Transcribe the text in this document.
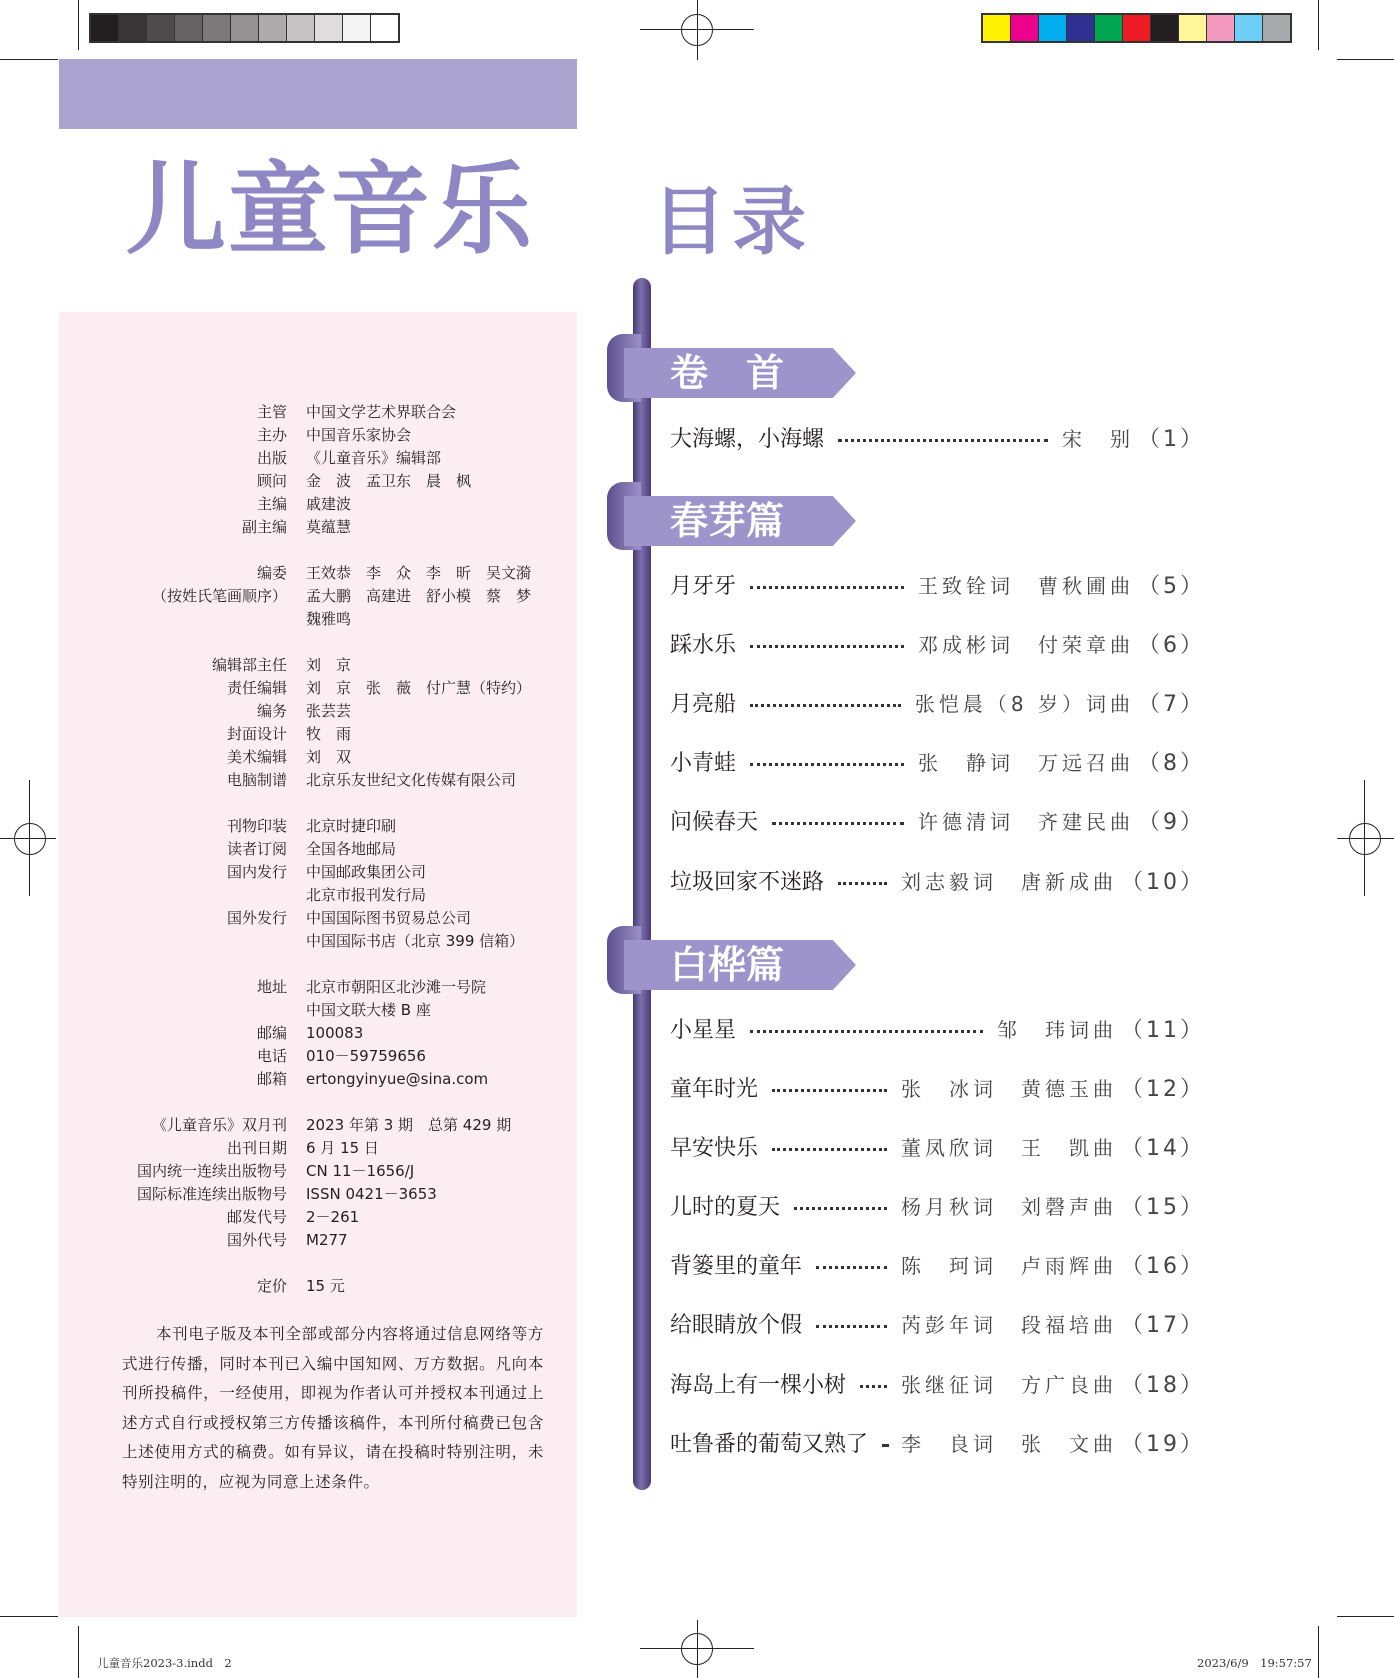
儿童音乐 目录
主管 中国文学艺术界联合会
主办 中国音乐家协会
出版 《儿童音乐》编辑部
顾问 金　波　孟卫东　晨　枫
主编 戚建波
副主编 莫蕴慧
编委 王效恭　李　众　李　昕　吴文漪
（按姓氏笔画顺序） 孟大鹏　高建进　舒小模　蔡　梦
魏雅鸣
编辑部主任 刘　京
责任编辑 刘　京　张　薇　付广慧（特约）
编务 张芸芸
封面设计 牧　雨
美术编辑 刘　双
电脑制谱 北京乐友世纪文化传媒有限公司
刊物印装 北京时捷印刷
读者订阅 全国各地邮局
国内发行 中国邮政集团公司
北京市报刊发行局
国外发行 中国国际图书贸易总公司
中国国际书店（北京 399 信箱）
地址 北京市朝阳区北沙滩一号院
中国文联大楼 B 座
邮编 100083
电话 010－59759656
邮箱 ertongyinyue@sina.com
《儿童音乐》双月刊 2023 年第 3 期　总第 429 期
出刊日期 6 月 15 日
国内统一连续出版物号 CN 11－1656/J
国际标准连续出版物号 ISSN 0421－3653
邮发代号 2－261
国外代号 M277
定价 15 元
本刊电子版及本刊全部或部分内容将通过信息网络等方式进行传播，同时本刊已入编中国知网、万方数据。凡向本刊所投稿件，一经使用，即视为作者认可并授权本刊通过上述方式自行或授权第三方传播该稿件，本刊所付稿费已包含上述使用方式的稿费。如有异议，请在投稿时特别注明，未特别注明的，应视为同意上述条件。
卷　首
大海螺，小海螺	宋　别 （1）
春芽篇
月牙牙	王致铨词　曹秋圃曲 （5）
踩水乐	邓成彬词　付荣章曲 （6）
月亮船	张恺晨（8 岁）词曲 （7）
小青蛙	张　静词　万远召曲 （8）
问候春天	许德清词　齐建民曲 （9）
垃圾回家不迷路	刘志毅词　唐新成曲 （10）
白桦篇
小星星	邹　玮词曲 （11）
童年时光	张　冰词　黄德玉曲 （12）
早安快乐	董凤欣词　王　凯曲 （14）
儿时的夏天	杨月秋词　刘磬声曲 （15）
背篓里的童年	陈　珂词　卢雨辉曲 （16）
给眼睛放个假	芮彭年词　段福培曲 （17）
海岛上有一棵小树	张继征词　方广良曲 （18）
吐鲁番的葡萄又熟了 李　良词　张　文曲 （19）
儿童音乐2023-3.indd　2	2023/6/9　19:57:57
